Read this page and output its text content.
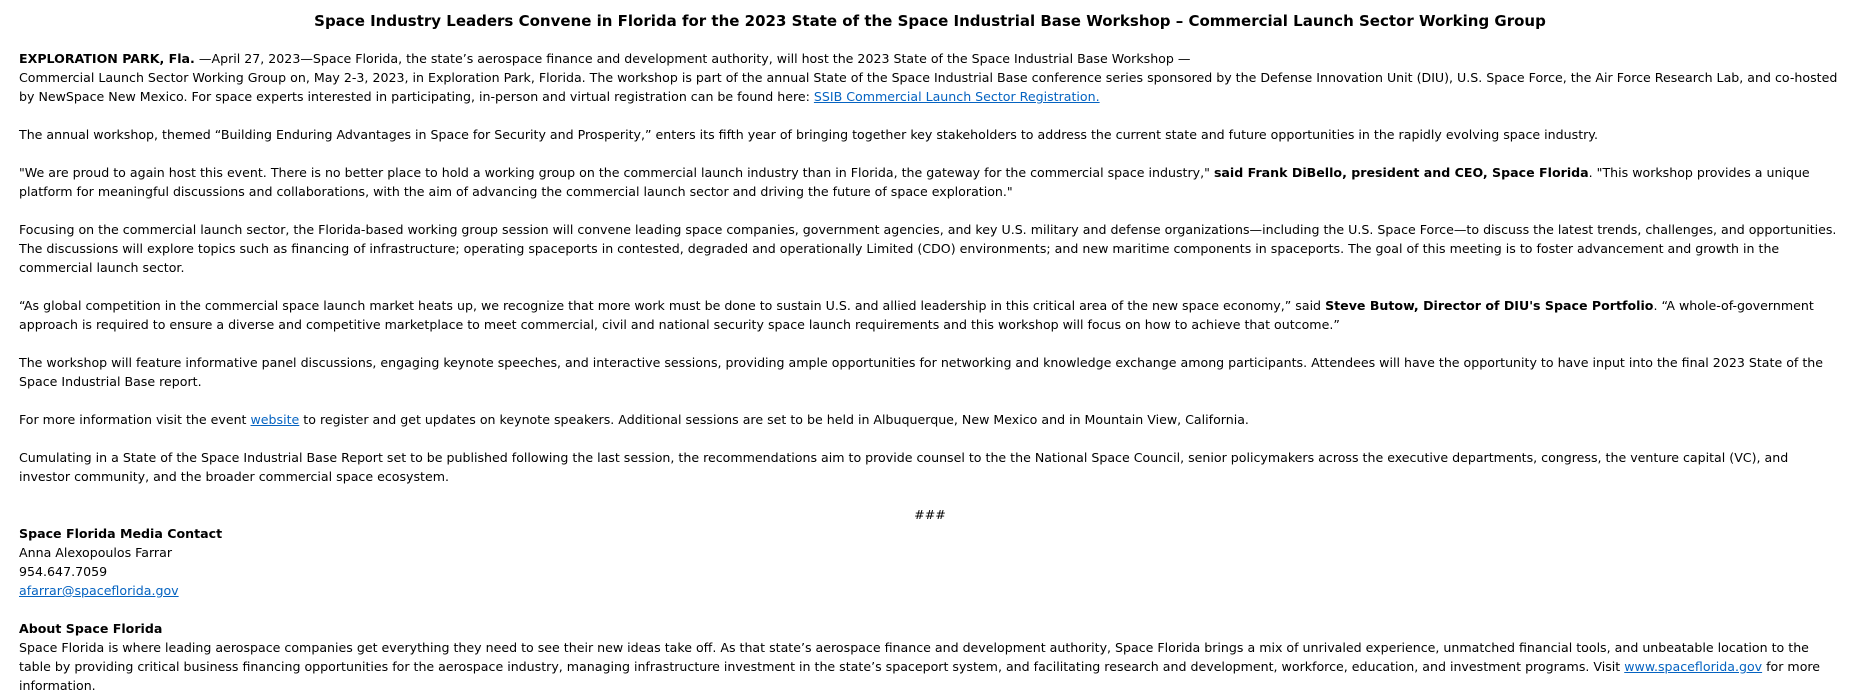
Space Industry Leaders Convene in Florida for the 2023 State of the Space Industrial Base Workshop – Commercial Launch Sector Working Group

EXPLORATION PARK, Fla. —April 27, 2023—Space Florida, the state’s aerospace finance and development authority, will host the 2023 State of the Space Industrial Base Workshop —
Commercial Launch Sector Working Group on, May 2-3, 2023, in Exploration Park, Florida. The workshop is part of the annual State of the Space Industrial Base conference series sponsored by the Defense Innovation Unit (DIU), U.S. Space Force, the Air Force Research Lab, and co-hosted by NewSpace New Mexico. For space experts interested in participating, in-person and virtual registration can be found here: SSIB Commercial Launch Sector Registration.

The annual workshop, themed “Building Enduring Advantages in Space for Security and Prosperity,” enters its fifth year of bringing together key stakeholders to address the current state and future opportunities in the rapidly evolving space industry.

"We are proud to again host this event. There is no better place to hold a working group on the commercial launch industry than in Florida, the gateway for the commercial space industry," said Frank DiBello, president and CEO, Space Florida. "This workshop provides a unique platform for meaningful discussions and collaborations, with the aim of advancing the commercial launch sector and driving the future of space exploration."

Focusing on the commercial launch sector, the Florida-based working group session will convene leading space companies, government agencies, and key U.S. military and defense organizations—including the U.S. Space Force—to discuss the latest trends, challenges, and opportunities. The discussions will explore topics such as financing of infrastructure; operating spaceports in contested, degraded and operationally Limited (CDO) environments; and new maritime components in spaceports. The goal of this meeting is to foster advancement and growth in the commercial launch sector.

“As global competition in the commercial space launch market heats up, we recognize that more work must be done to sustain U.S. and allied leadership in this critical area of the new space economy,” said Steve Butow, Director of DIU's Space Portfolio. “A whole-of-government approach is required to ensure a diverse and competitive marketplace to meet commercial, civil and national security space launch requirements and this workshop will focus on how to achieve that outcome.”

The workshop will feature informative panel discussions, engaging keynote speeches, and interactive sessions, providing ample opportunities for networking and knowledge exchange among participants. Attendees will have the opportunity to have input into the final 2023 State of the Space Industrial Base report.

For more information visit the event website to register and get updates on keynote speakers. Additional sessions are set to be held in Albuquerque, New Mexico and in Mountain View, California.

Cumulating in a State of the Space Industrial Base Report set to be published following the last session, the recommendations aim to provide counsel to the the National Space Council, senior policymakers across the executive departments, congress, the venture capital (VC), and investor community, and the broader commercial space ecosystem.

###

Space Florida Media Contact

Anna Alexopoulos Farrar

954.647.7059

afarrar@spaceflorida.gov

About Space Florida

Space Florida is where leading aerospace companies get everything they need to see their new ideas take off. As that state’s aerospace finance and development authority, Space Florida brings a mix of unrivaled experience, unmatched financial tools, and unbeatable location to the table by providing critical business financing opportunities for the aerospace industry, managing infrastructure investment in the state’s spaceport system, and facilitating research and development, workforce, education, and investment programs. Visit www.spaceflorida.gov for more information.
